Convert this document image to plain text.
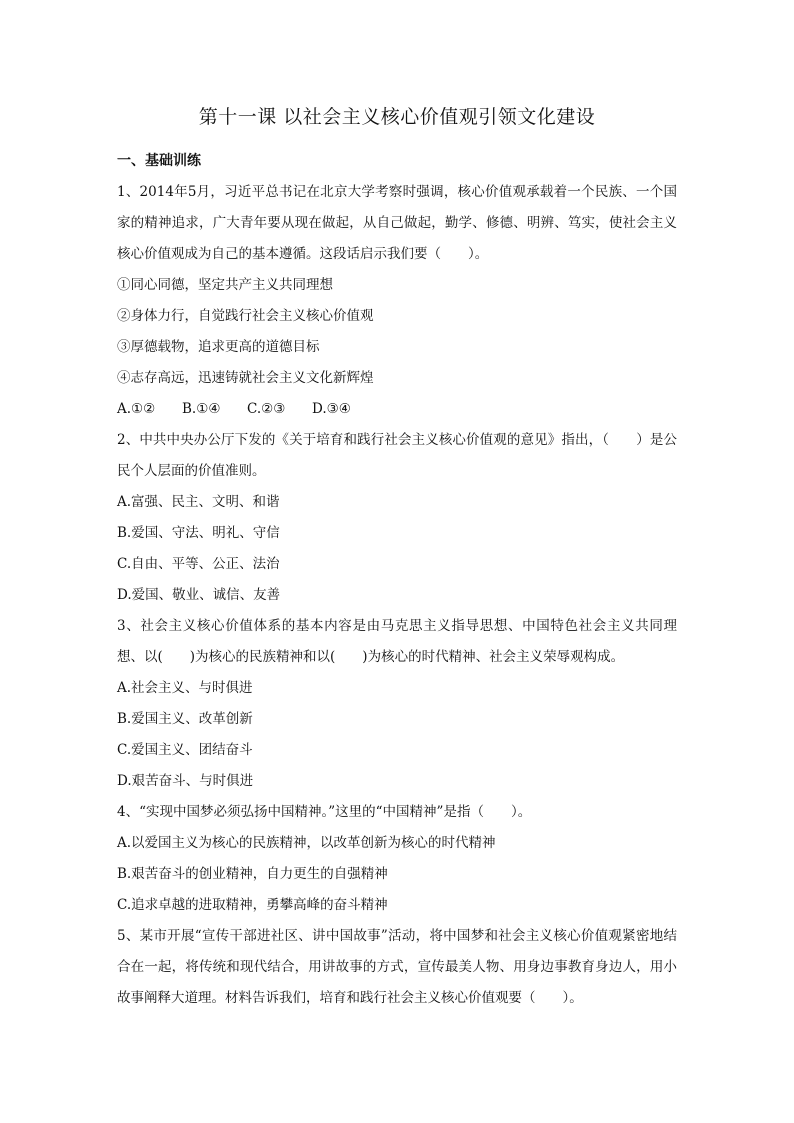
第十一课 以社会主义核心价值观引领文化建设

一、基础训练

1、2014年5月，习近平总书记在北京大学考察时强调，核心价值观承载着一个民族、一个国家的精神追求，广大青年要从现在做起，从自己做起，勤学、修德、明辨、笃实，使社会主义核心价值观成为自己的基本遵循。这段话启示我们要（　　）。

①同心同德，坚定共产主义共同理想

②身体力行，自觉践行社会主义核心价值观

③厚德载物，追求更高的道德目标

④志存高远，迅速铸就社会主义文化新辉煌

A.①②	B.①④	C.②③	D.③④

2、中共中央办公厅下发的《关于培育和践行社会主义核心价值观的意见》指出，（　　）是公民个人层面的价值准则。

A.富强、民主、文明、和谐

B.爱国、守法、明礼、守信

C.自由、平等、公正、法治

D.爱国、敬业、诚信、友善

3、社会主义核心价值体系的基本内容是由马克思主义指导思想、中国特色社会主义共同理想、以(　　)为核心的民族精神和以(　　)为核心的时代精神、社会主义荣辱观构成。

A.社会主义、与时俱进

B.爱国主义、改革创新

C.爱国主义、团结奋斗

D.艰苦奋斗、与时俱进

4、“实现中国梦必须弘扬中国精神。”这里的“中国精神”是指（　　）。

A.以爱国主义为核心的民族精神，以改革创新为核心的时代精神

B.艰苦奋斗的创业精神，自力更生的自强精神

C.追求卓越的进取精神，勇攀高峰的奋斗精神

5、某市开展“宣传干部进社区、讲中国故事”活动，将中国梦和社会主义核心价值观紧密地结合在一起，将传统和现代结合，用讲故事的方式，宣传最美人物、用身边事教育身边人，用小故事阐释大道理。材料告诉我们，培育和践行社会主义核心价值观要（　　）。
